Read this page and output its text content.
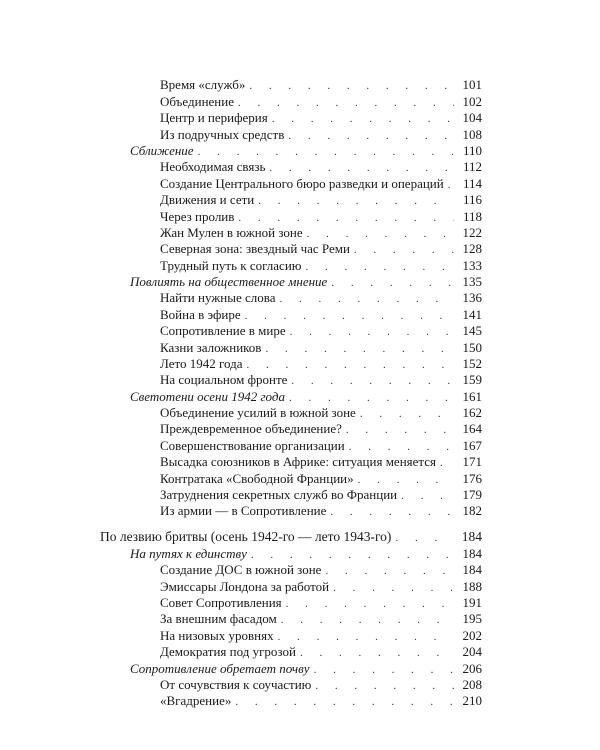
Время «служб» . . .	101
Объединение . . .	102
Центр и периферия . . .	104
Из подручных средств . . .	108
Сближение . . .	110
Необходимая связь . . .	112
Создание Центрального бюро разведки и операций . . .	114
Движения и сети . . .	116
Через пролив . . .	118
Жан Мулен в южной зоне . . .	122
Северная зона: звездный час Реми . . .	128
Трудный путь к согласию . . .	133
Повлиять на общественное мнение . . .	135
Найти нужные слова . . .	136
Война в эфире . . .	141
Сопротивление в мире . . .	145
Казни заложников . . .	150
Лето 1942 года . . .	152
На социальном фронте . . .	159
Светотени осени 1942 года . . .	161
Объединение усилий в южной зоне . . .	162
Преждевременное объединение? . . .	164
Совершенствование организации . . .	167
Высадка союзников в Африке: ситуация меняется . . .	171
Контратака «Свободной Франции» . . .	176
Затруднения секретных служб во Франции . . .	179
Из армии — в Сопротивление . . .	182
По лезвию бритвы (осень 1942-го — лето 1943-го) . . .	184
На путях к единству . . .	184
Создание ДОС в южной зоне . . .	184
Эмиссары Лондона за работой . . .	188
Совет Сопротивления . . .	191
За внешним фасадом . . .	195
На низовых уровнях . . .	202
Демократия под угрозой . . .	204
Сопротивление обретает почву . . .	206
От сочувствия к соучастию . . .	208
«Вгадрение» . . .	210
